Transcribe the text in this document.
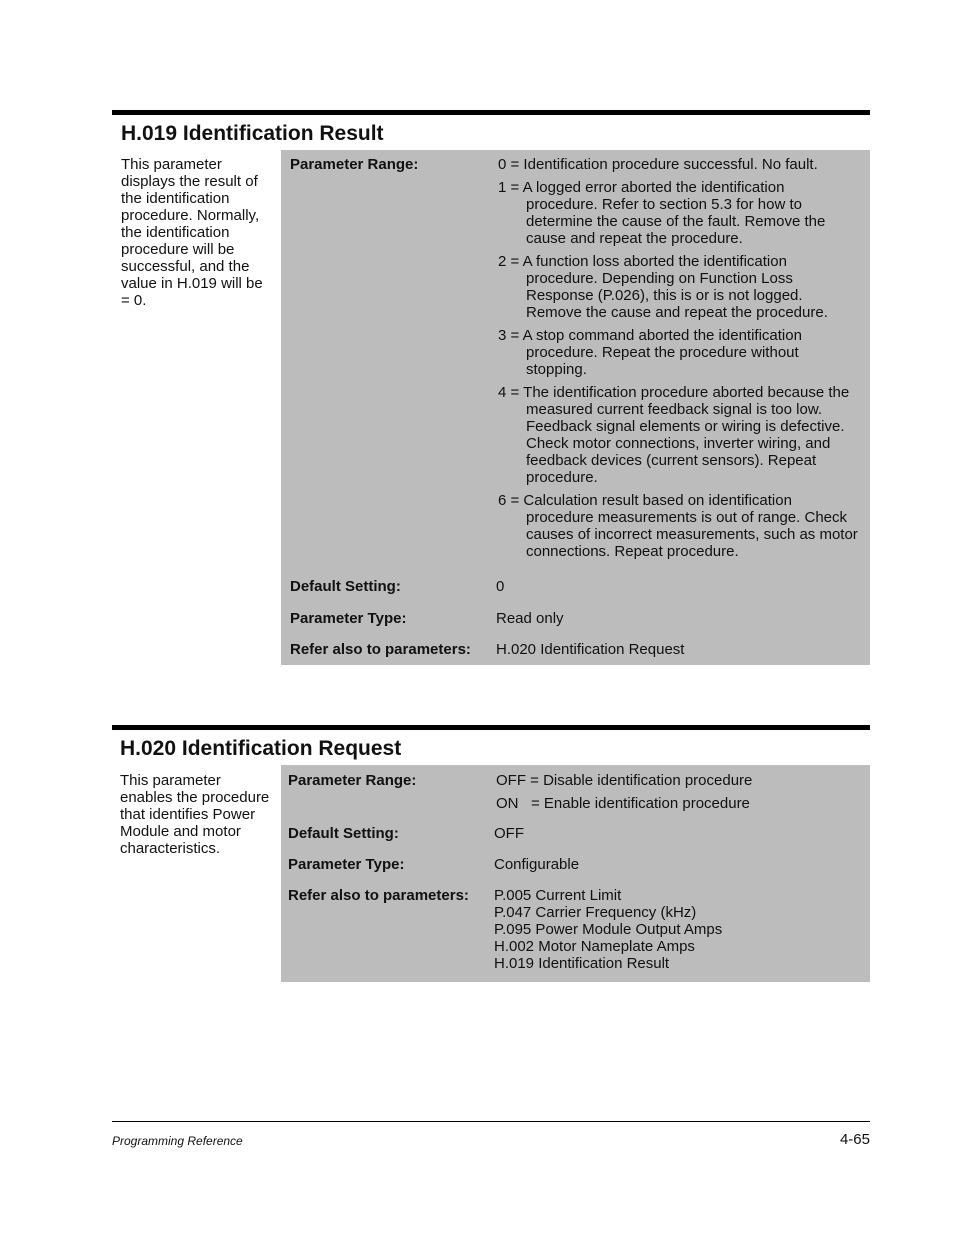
H.019 Identification Result
This parameter displays the result of the identification procedure. Normally, the identification procedure will be successful, and the value in H.019 will be = 0.
Parameter Range:	0 = Identification procedure successful. No fault.
1 = A logged error aborted the identification procedure. Refer to section 5.3 for how to determine the cause of the fault. Remove the cause and repeat the procedure.
2 = A function loss aborted the identification procedure. Depending on Function Loss Response (P.026), this is or is not logged. Remove the cause and repeat the procedure.
3 = A stop command aborted the identification procedure. Repeat the procedure without stopping.
4 = The identification procedure aborted because the measured current feedback signal is too low. Feedback signal elements or wiring is defective. Check motor connections, inverter wiring, and feedback devices (current sensors). Repeat procedure.
6 = Calculation result based on identification procedure measurements is out of range. Check causes of incorrect measurements, such as motor connections. Repeat procedure.
Default Setting:	0
Parameter Type:	Read only
Refer also to parameters: H.020 Identification Request
H.020 Identification Request
This parameter enables the procedure that identifies Power Module and motor characteristics.
Parameter Range:	OFF = Disable identification procedure
ON   = Enable identification procedure
Default Setting:	OFF
Parameter Type:	Configurable
Refer also to parameters: P.005 Current Limit
P.047 Carrier Frequency (kHz)
P.095 Power Module Output Amps
H.002 Motor Nameplate Amps
H.019 Identification Result
Programming Reference	4-65
